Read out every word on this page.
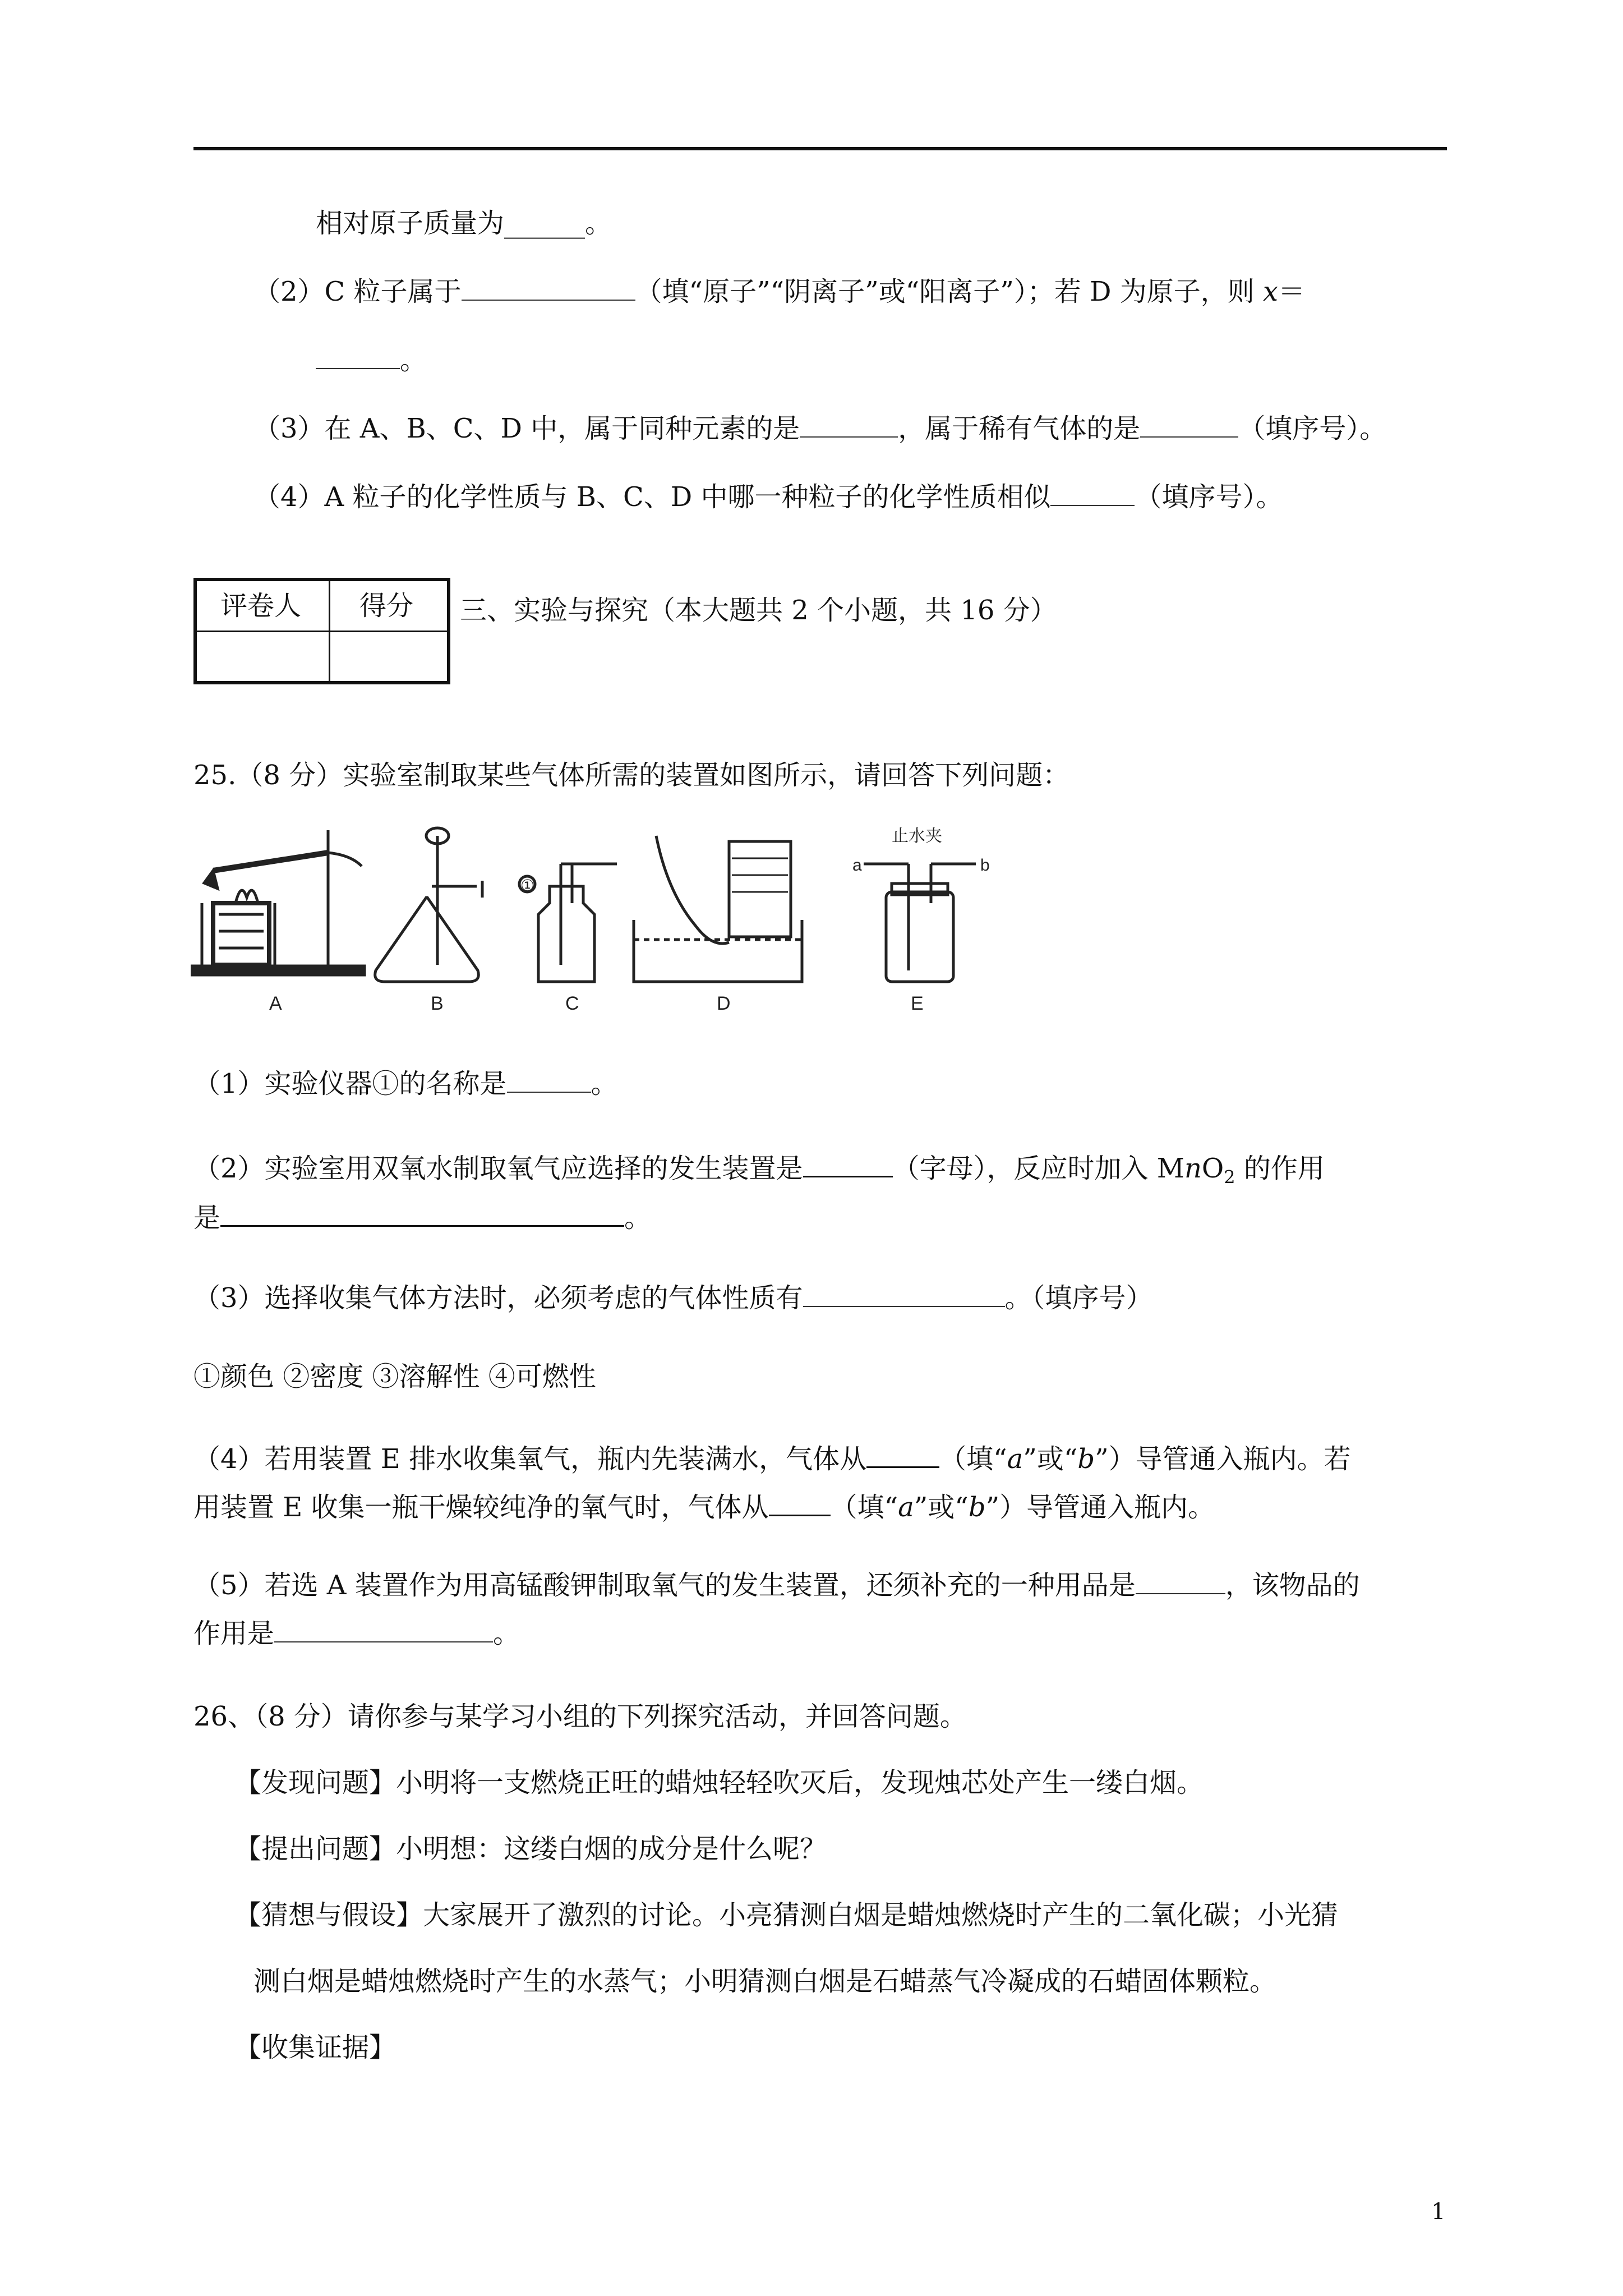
相对原子质量为______。
（2）C 粒子属于	（填“原子”“阴离子”或“阳离子”）；若 D 为原子，则 x＝
。
（3）在 A、B、C、D 中，属于同种元素的是	，属于稀有气体的是	（填序号）。
（4）A 粒子的化学性质与 B、C、D 中哪一种粒子的化学性质相似	（填序号）。
评卷人 得分 三、实验与探究（本大题共 2 个小题，共 16 分）
25.（8 分）实验室制取某些气体所需的装置如图所示，请回答下列问题：
A	B	C	D	E
①
止水夹
a	b
（1）实验仪器①的名称是	。
（2）实验室用双氧水制取氧气应选择的发生装置是	（字母），反应时加入 MnO$_2$ 的作用
是	。
（3）选择收集气体方法时，必须考虑的气体性质有	。（填序号）
①颜色 ②密度 ③溶解性 ④可燃性
（4）若用装置 E 排水收集氧气，瓶内先装满水，气体从	（填“a”或“b”）导管通入瓶内。若
用装置 E 收集一瓶干燥较纯净的氧气时，气体从 （填“a”或“b”）导管通入瓶内。
（5）若选 A 装置作为用高锰酸钾制取氧气的发生装置，还须补充的一种用品是	，该物品的
作用是	。
26、（8 分）请你参与某学习小组的下列探究活动，并回答问题。
【发现问题】小明将一支燃烧正旺的蜡烛轻轻吹灭后，发现烛芯处产生一缕白烟。
【提出问题】小明想：这缕白烟的成分是什么呢？
【猜想与假设】大家展开了激烈的讨论。小亮猜测白烟是蜡烛燃烧时产生的二氧化碳；小光猜
测白烟是蜡烛燃烧时产生的水蒸气；小明猜测白烟是石蜡蒸气冷凝成的石蜡固体颗粒。
【收集证据】
1
